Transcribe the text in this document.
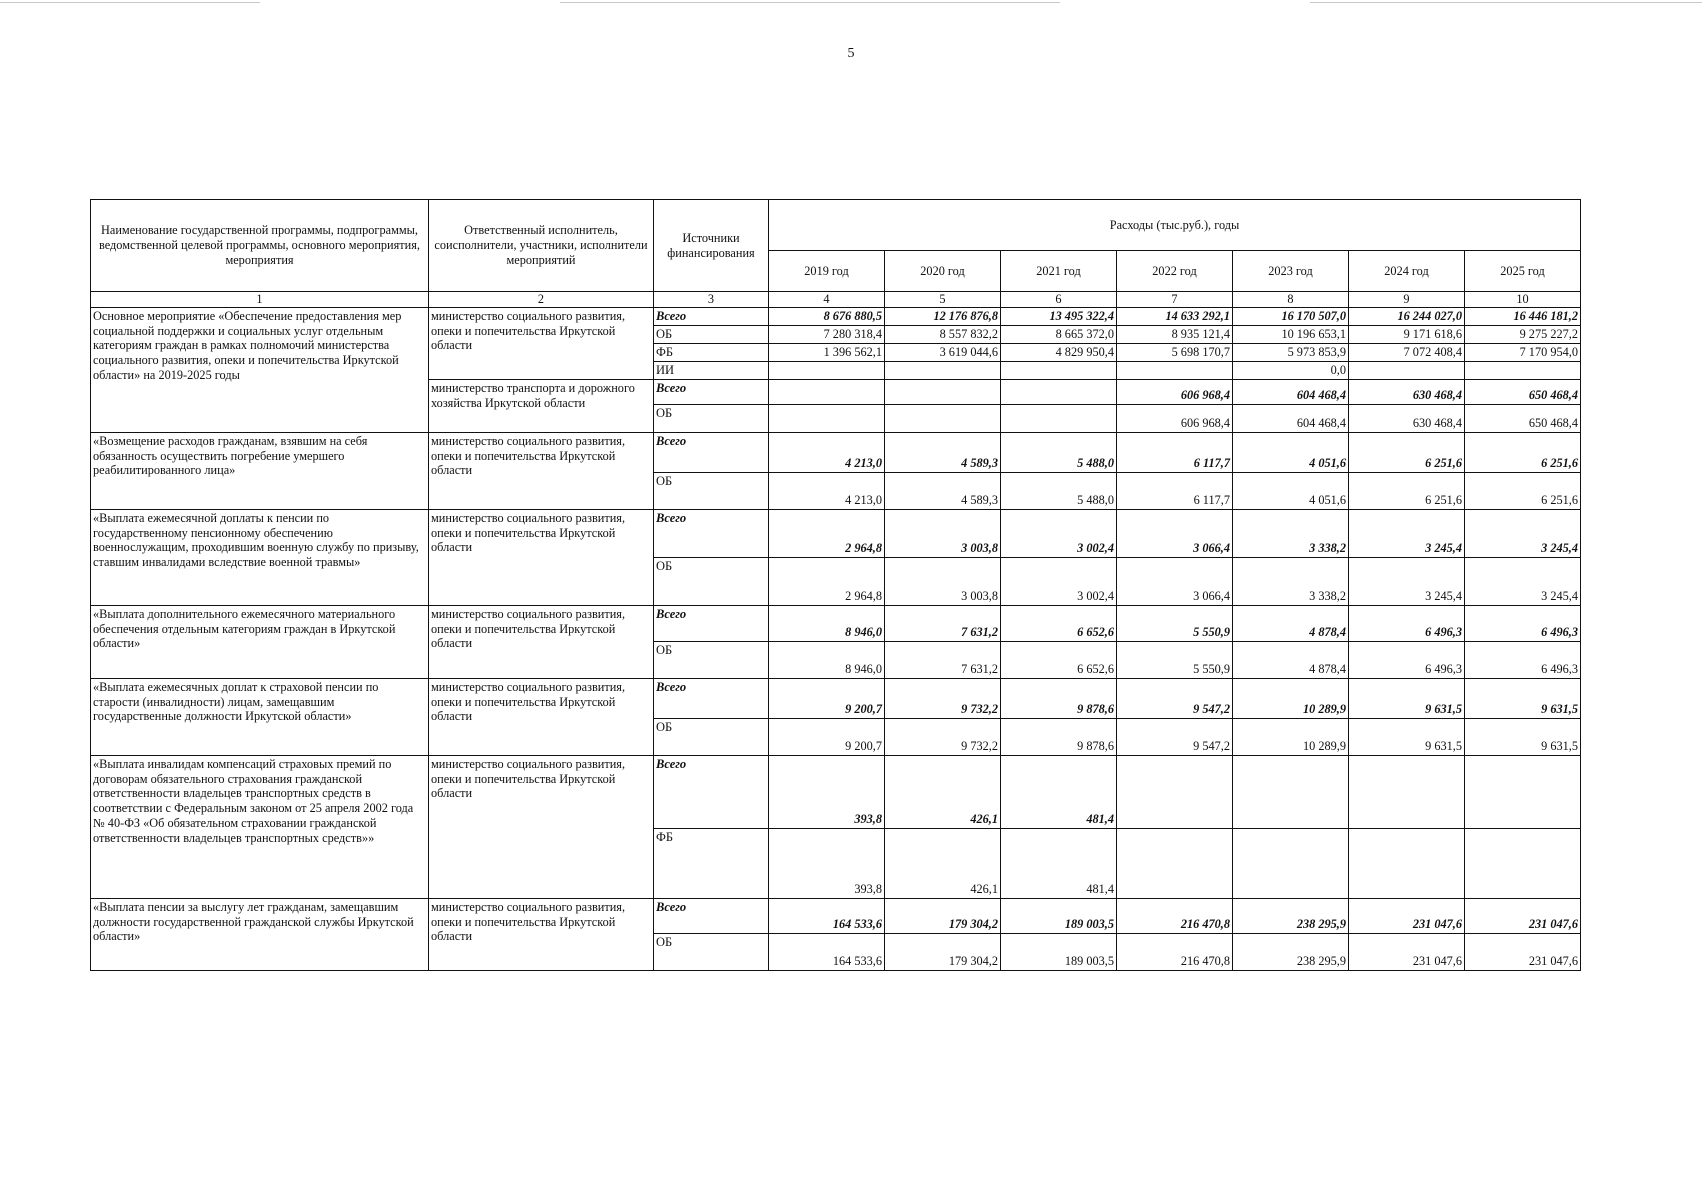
5
Наименование государственной программы, подпрограммы, ведомственной целевой программы, основного мероприятия, мероприятия	Ответственный исполнитель, соисполнители, участники, исполнители мероприятий	Источники финансирования	Расходы (тыс.руб.), годы						
			2019 год	2020 год	2021 год	2022 год	2023 год	2024 год	2025 год
1	2	3	4	5	6	7	8	9	10
Основное мероприятие «Обеспечение предоставления мер социальной поддержки и социальных услуг отдельным категориям граждан в рамках полномочий министерства социального развития, опеки и попечительства Иркутской области» на 2019-2025 годы	министерство социального развития, опеки и попечительства Иркутской области	Всего	8 676 880,5	12 176 876,8	13 495 322,4	14 633 292,1	16 170 507,0	16 244 027,0	16 446 181,2
		ОБ	7 280 318,4	8 557 832,2	8 665 372,0	8 935 121,4	10 196 653,1	9 171 618,6	9 275 227,2
		ФБ	1 396 562,1	3 619 044,6	4 829 950,4	5 698 170,7	5 973 853,9	7 072 408,4	7 170 954,0
		ИИ					0,0		
	министерство транспорта и дорожного хозяйства Иркутской области	Всего				606 968,4	604 468,4	630 468,4	650 468,4
		ОБ				606 968,4	604 468,4	630 468,4	650 468,4
«Возмещение расходов гражданам, взявшим на себя обязанность осуществить погребение умершего реабилитированного лица»	министерство социального развития, опеки и попечительства Иркутской области	Всего	4 213,0	4 589,3	5 488,0	6 117,7	4 051,6	6 251,6	6 251,6
		ОБ	4 213,0	4 589,3	5 488,0	6 117,7	4 051,6	6 251,6	6 251,6
«Выплата ежемесячной доплаты к пенсии по государственному пенсионному обеспечению военнослужащим, проходившим военную службу по призыву, ставшим инвалидами вследствие военной травмы»	министерство социального развития, опеки и попечительства Иркутской области	Всего	2 964,8	3 003,8	3 002,4	3 066,4	3 338,2	3 245,4	3 245,4
		ОБ	2 964,8	3 003,8	3 002,4	3 066,4	3 338,2	3 245,4	3 245,4
«Выплата дополнительного ежемесячного материального обеспечения отдельным категориям граждан в Иркутской области»	министерство социального развития, опеки и попечительства Иркутской области	Всего	8 946,0	7 631,2	6 652,6	5 550,9	4 878,4	6 496,3	6 496,3
		ОБ	8 946,0	7 631,2	6 652,6	5 550,9	4 878,4	6 496,3	6 496,3
«Выплата ежемесячных доплат к страховой пенсии по старости (инвалидности) лицам, замещавшим государственные должности Иркутской области»	министерство социального развития, опеки и попечительства Иркутской области	Всего	9 200,7	9 732,2	9 878,6	9 547,2	10 289,9	9 631,5	9 631,5
		ОБ	9 200,7	9 732,2	9 878,6	9 547,2	10 289,9	9 631,5	9 631,5
«Выплата инвалидам компенсаций страховых премий по договорам обязательного страхования гражданской ответственности владельцев транспортных средств в соответствии с Федеральным законом от 25 апреля 2002 года № 40-ФЗ «Об обязательном страховании гражданской ответственности владельцев транспортных средств»»	министерство социального развития, опеки и попечительства Иркутской области	Всего	393,8	426,1	481,4				
		ФБ	393,8	426,1	481,4				
«Выплата пенсии за выслугу лет гражданам, замещавшим должности государственной гражданской службы Иркутской области»	министерство социального развития, опеки и попечительства Иркутской области	Всего	164 533,6	179 304,2	189 003,5	216 470,8	238 295,9	231 047,6	231 047,6
		ОБ	164 533,6	179 304,2	189 003,5	216 470,8	238 295,9	231 047,6	231 047,6
